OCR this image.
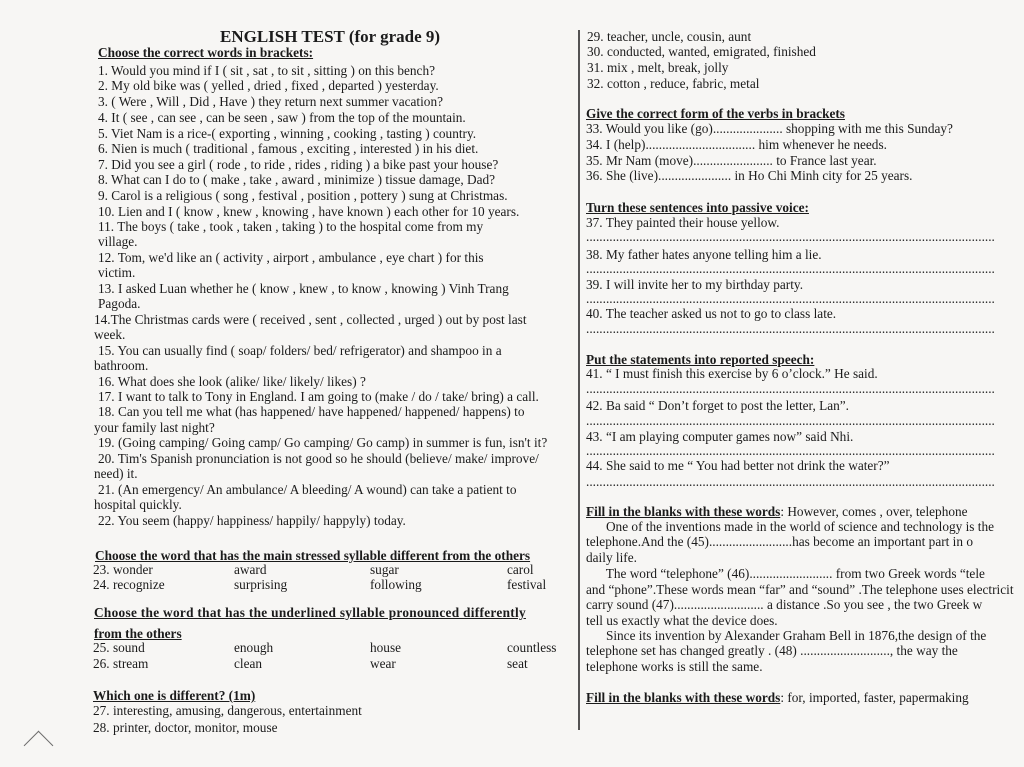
ENGLISH TEST (for grade 9)
Choose the correct words in brackets:
1. Would you mind if I ( sit , sat , to sit , sitting ) on this bench?
2. My old bike was ( yelled , dried , fixed , departed ) yesterday.
3. ( Were , Will , Did , Have ) they return next summer vacation?
4. It ( see , can see , can be seen , saw ) from the top of the mountain.
5. Viet Nam is a rice-( exporting , winning , cooking , tasting ) country.
6. Nien is much ( traditional , famous , exciting , interested ) in his diet.
7. Did you see a girl ( rode , to ride , rides , riding ) a bike past your house?
8. What can I do to ( make , take , award , minimize ) tissue damage, Dad?
9. Carol is a religious ( song , festival , position , pottery ) sung at Christmas.
10. Lien and I ( know , knew , knowing , have known ) each other for 10 years.
11. The boys ( take , took , taken , taking ) to the hospital come from my
village.
12. Tom, we'd like an ( activity , airport , ambulance , eye chart ) for this
victim.
13. I asked Luan whether he ( know , knew , to know , knowing ) Vinh Trang
Pagoda.
14.The Christmas cards were ( received , sent , collected , urged ) out by post last
week.
15. You can usually find ( soap/ folders/ bed/ refrigerator) and shampoo in a
bathroom.
16. What does she look (alike/ like/ likely/ likes) ?
17. I want to talk to Tony in England. I am going to (make / do / take/ bring) a call.
18. Can you tell me what (has happened/ have happened/ happened/ happens) to
your family last night?
19. (Going camping/ Going camp/ Go camping/ Go camp) in summer is fun, isn't it?
20. Tim's Spanish pronunciation is not good so he should (believe/ make/ improve/
need) it.
21. (An emergency/ An ambulance/ A bleeding/ A wound) can take a patient to
hospital quickly.
22. You seem (happy/ happiness/ happily/ happyly) today.
Choose the word that has the main stressed syllable different from the others
23. wonder	award	sugar	carol
24. recognize	surprising	following	festival
Choose the word that has the underlined syllable pronounced differently
from the others
25. sound	enough	house	countless
26. stream	clean	wear	seat
Which one is different? (1m)
27. interesting, amusing, dangerous, entertainment
28. printer, doctor, monitor, mouse
29. teacher, uncle, cousin, aunt
30. conducted, wanted, emigrated, finished
31. mix , melt, break, jolly
32. cotton , reduce, fabric, metal
Give the correct form of the verbs in brackets
33. Would you like (go)..................... shopping with me this Sunday?
34. I (help)................................. him whenever he needs.
35. Mr Nam (move)........................ to France last year.
36. She (live)...................... in Ho Chi Minh city for 25 years.
Turn these sentences into passive voice:
37. They painted their house yellow.
...........................................................................................................................
38. My father hates anyone telling him a lie.
...........................................................................................................................
39. I will invite her to my birthday party.
...........................................................................................................................
40. The teacher asked us not to go to class late.
...........................................................................................................................
Put the statements into reported speech:
41. “ I must finish this exercise by 6 o’clock.” He said.
...........................................................................................................................
42. Ba said “ Don’t forget to post the letter, Lan”.
...........................................................................................................................
43. “I am playing computer games now” said Nhi.
...........................................................................................................................
44. She said to me “ You had better not drink the water?”
...........................................................................................................................
Fill in the blanks with these words: However, comes , over, telephone
One of the inventions made in the world of science and technology is the
telephone.And the (45).........................has become an important part in o
daily life.
The word “telephone” (46)......................... from two Greek words “tele
and “phone”.These words mean “far” and “sound” .The telephone uses electricit
carry sound (47)........................... a distance .So you see , the two Greek w
tell us exactly what the device does.
Since its invention by Alexander Graham Bell in 1876,the design of the
telephone set has changed greatly . (48) ..........................., the way the
telephone works is still the same.
Fill in the blanks with these words: for, imported, faster, papermaking
